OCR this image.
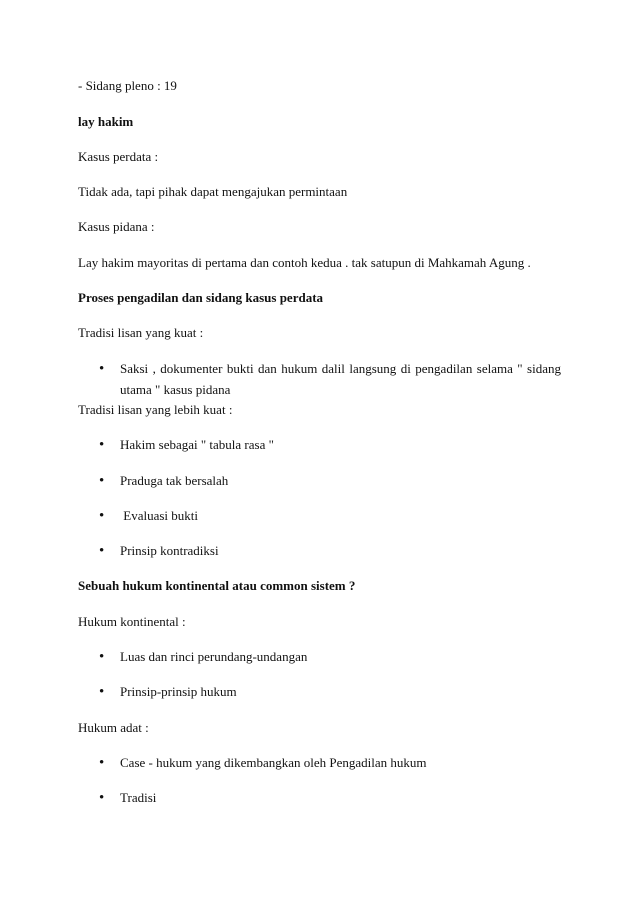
- Sidang pleno : 19
lay hakim
Kasus perdata :
Tidak ada, tapi pihak dapat mengajukan permintaan
Kasus pidana :
Lay hakim mayoritas di pertama dan contoh kedua . tak satupun di Mahkamah Agung .
Proses pengadilan dan sidang kasus perdata
Tradisi lisan yang kuat :
• Saksi , dokumenter bukti dan hukum dalil langsung di pengadilan selama " sidang
utama " kasus pidana
Tradisi lisan yang lebih kuat :
• Hakim sebagai " tabula rasa "
• Praduga tak bersalah
• Evaluasi bukti
• Prinsip kontradiksi
Sebuah hukum kontinental atau common sistem ?
Hukum kontinental :
• Luas dan rinci perundang-undangan
• Prinsip-prinsip hukum
Hukum adat :
• Case - hukum yang dikembangkan oleh Pengadilan hukum
• Tradisi
